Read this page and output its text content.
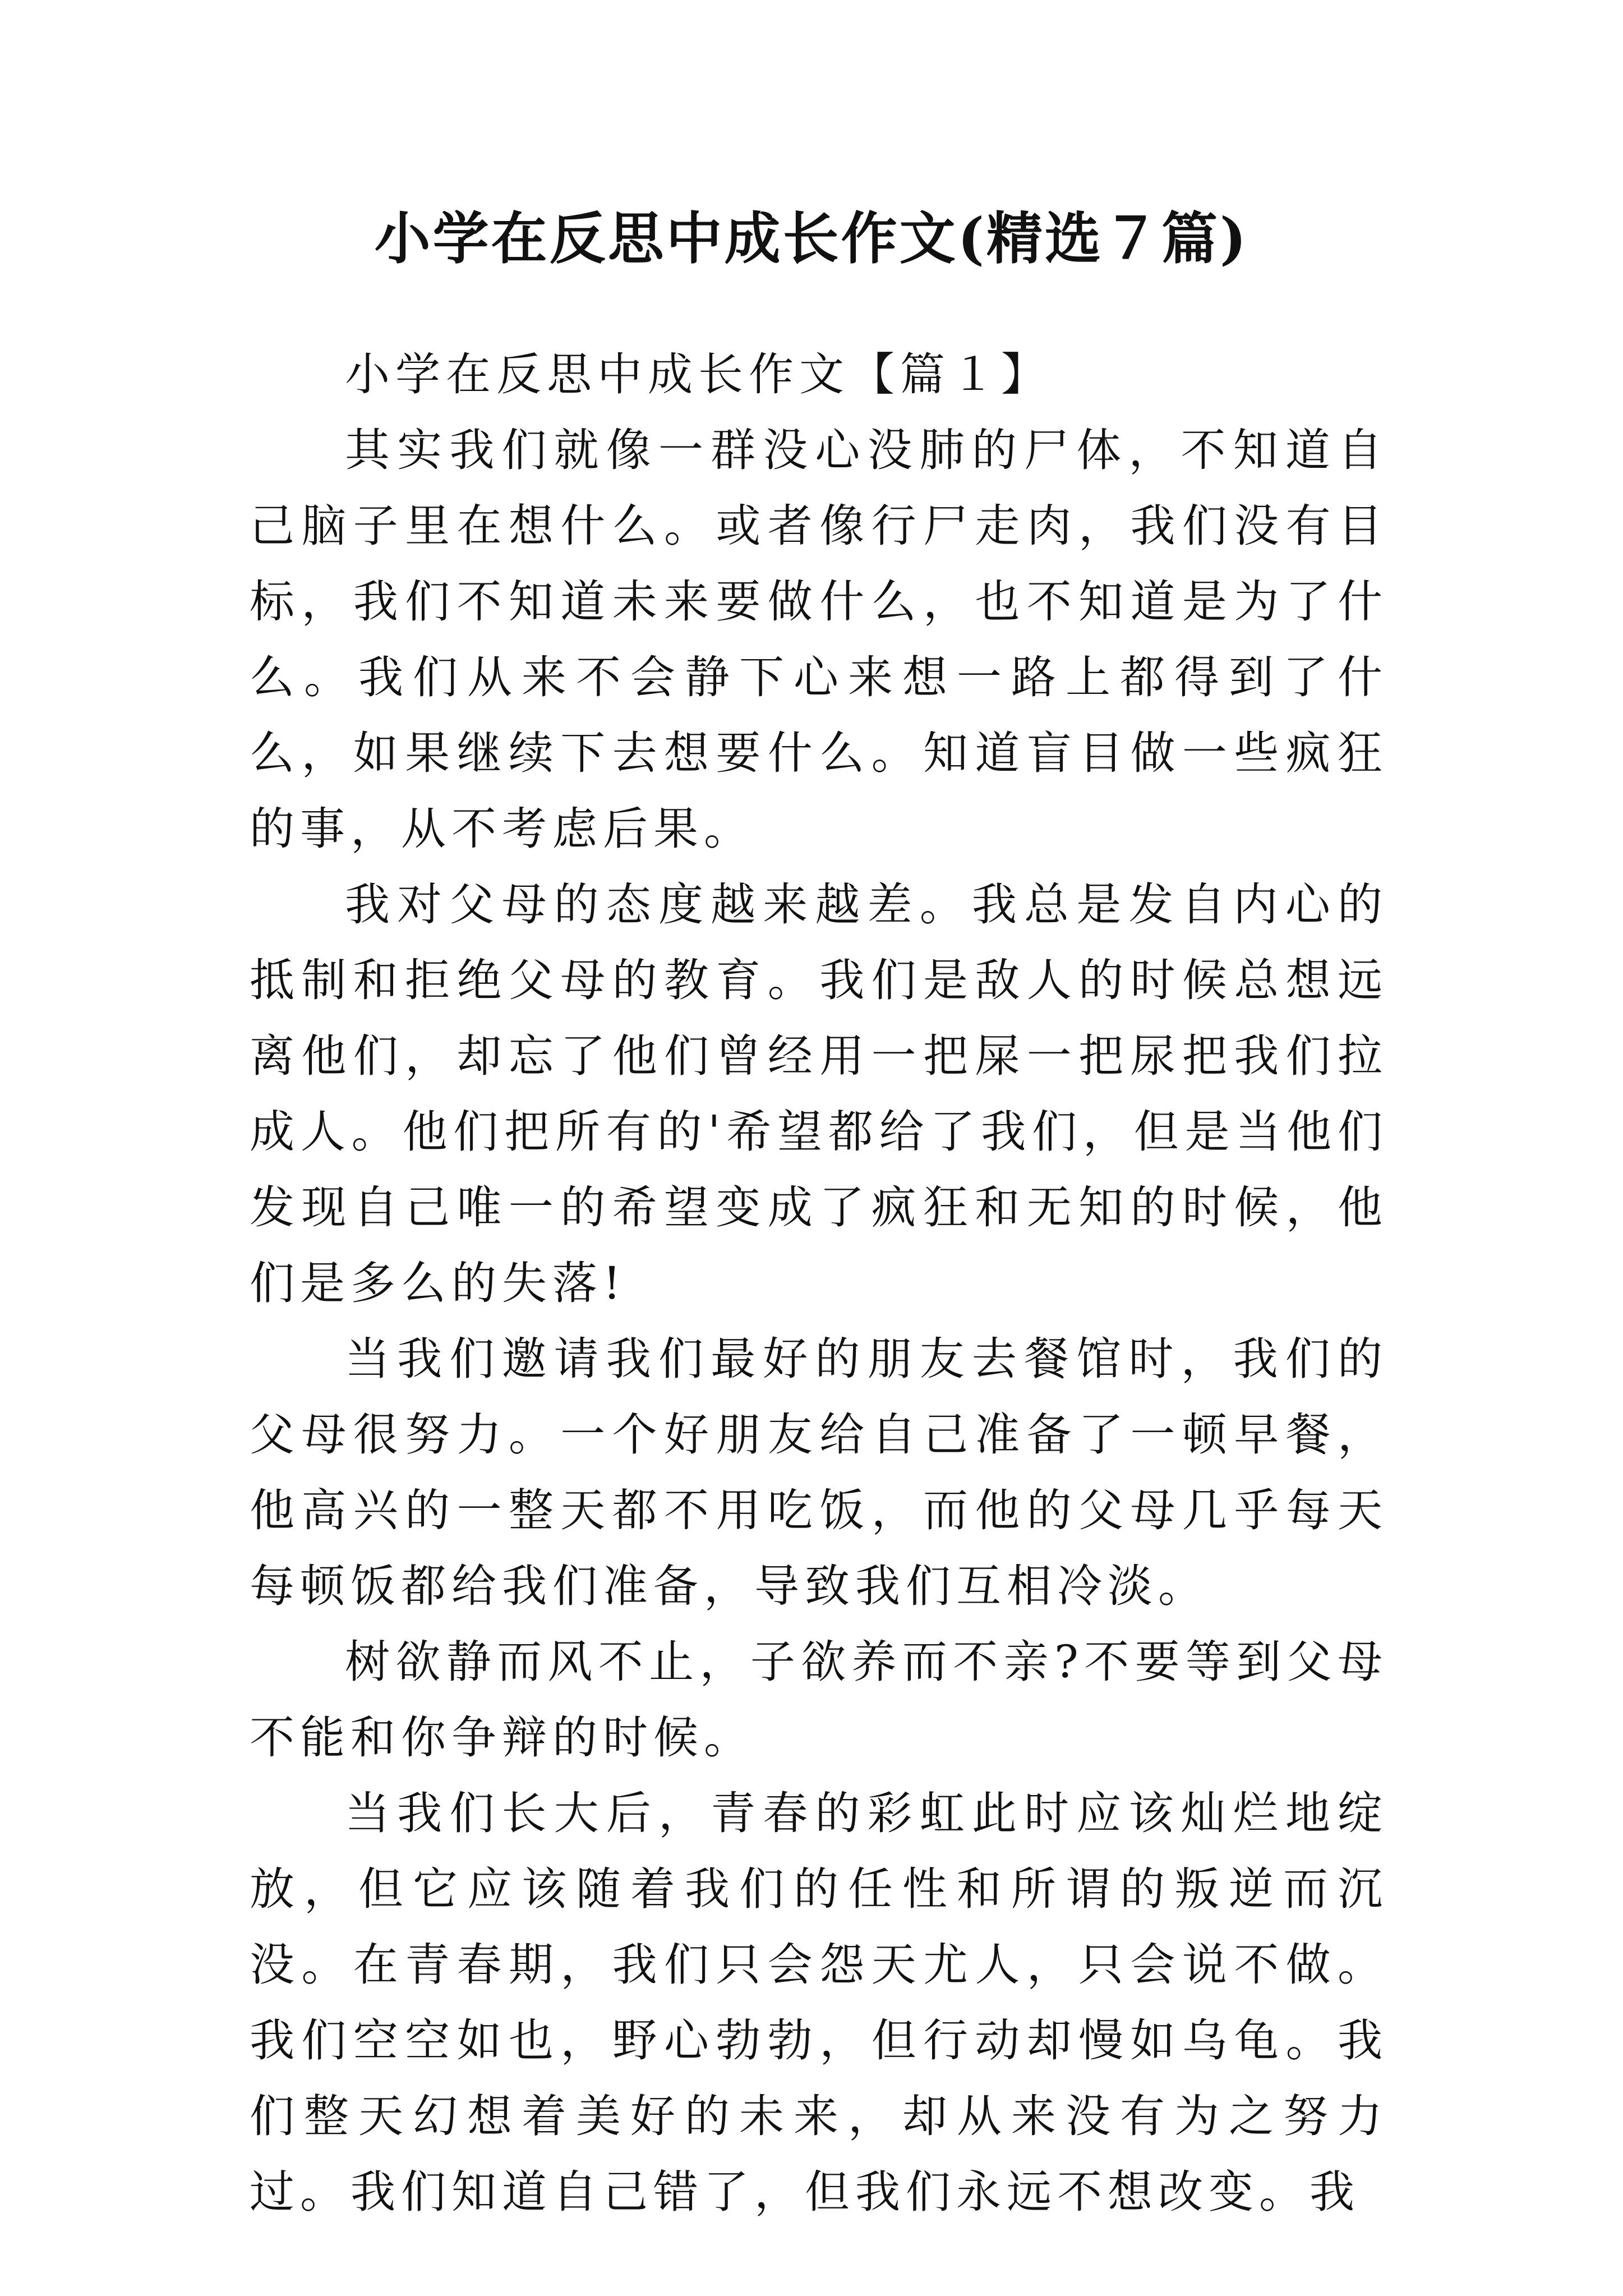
小学在反思中成长作文(精选７篇)

小学在反思中成长作文【篇１】

其实我们就像一群没心没肺的尸体，不知道自己脑子里在想什么。或者像行尸走肉，我们没有目标，我们不知道未来要做什么，也不知道是为了什么。我们从来不会静下心来想一路上都得到了什么，如果继续下去想要什么。知道盲目做一些疯狂的事，从不考虑后果。

我对父母的态度越来越差。我总是发自内心的抵制和拒绝父母的教育。我们是敌人的时候总想远离他们，却忘了他们曾经用一把屎一把尿把我们拉成人。他们把所有的'希望都给了我们，但是当他们发现自己唯一的希望变成了疯狂和无知的时候，他们是多么的失落!

当我们邀请我们最好的朋友去餐馆时，我们的父母很努力。一个好朋友给自己准备了一顿早餐，他高兴的一整天都不用吃饭，而他的父母几乎每天每顿饭都给我们准备，导致我们互相冷淡。

树欲静而风不止，子欲养而不亲?不要等到父母不能和你争辩的时候。

当我们长大后，青春的彩虹此时应该灿烂地绽放，但它应该随着我们的任性和所谓的叛逆而沉没。在青春期，我们只会怨天尤人，只会说不做。我们空空如也，野心勃勃，但行动却慢如乌龟。我们整天幻想着美好的未来，却从来没有为之努力过。我们知道自己错了，但我们永远不想改变。我
